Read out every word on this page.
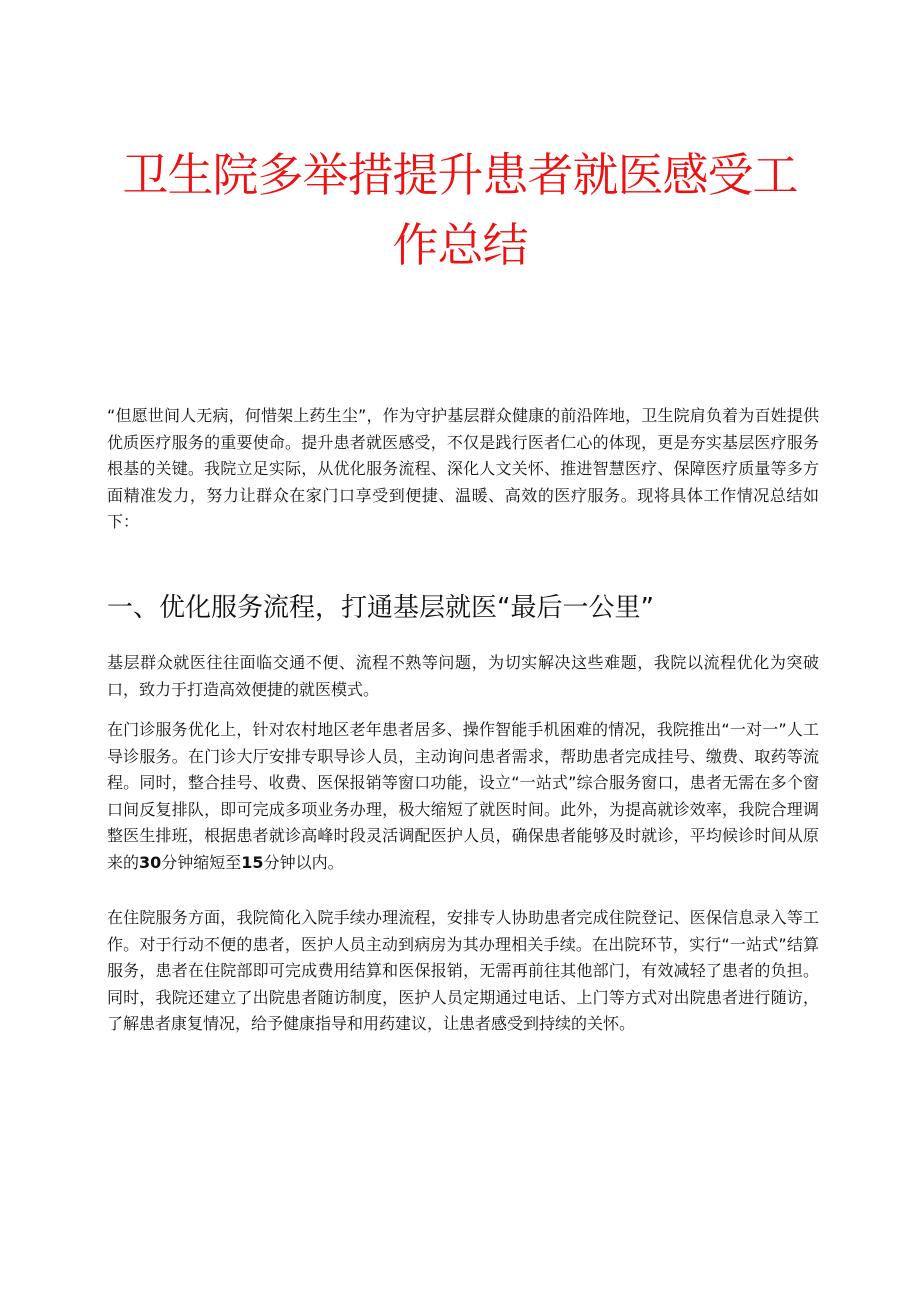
卫生院多举措提升患者就医感受工
作总结

“但愿世间人无病，何惜架上药生尘”，作为守护基层群众健康的前沿阵地，卫生院肩负着为百姓提供优质医疗服务的重要使命。提升患者就医感受，不仅是践行医者仁心的体现，更是夯实基层医疗服务根基的关键。我院立足实际，从优化服务流程、深化人文关怀、推进智慧医疗、保障医疗质量等多方面精准发力，努力让群众在家门口享受到便捷、温暖、高效的医疗服务。现将具体工作情况总结如下：

一、优化服务流程，打通基层就医“最后一公里”

基层群众就医往往面临交通不便、流程不熟等问题，为切实解决这些难题，我院以流程优化为突破口，致力于打造高效便捷的就医模式。

在门诊服务优化上，针对农村地区老年患者居多、操作智能手机困难的情况，我院推出“一对一”人工导诊服务。在门诊大厅安排专职导诊人员，主动询问患者需求，帮助患者完成挂号、缴费、取药等流程。同时，整合挂号、收费、医保报销等窗口功能，设立“一站式”综合服务窗口，患者无需在多个窗口间反复排队，即可完成多项业务办理，极大缩短了就医时间。此外，为提高就诊效率，我院合理调整医生排班，根据患者就诊高峰时段灵活调配医护人员，确保患者能够及时就诊，平均候诊时间从原来的30分钟缩短至15分钟以内。

在住院服务方面，我院简化入院手续办理流程，安排专人协助患者完成住院登记、医保信息录入等工作。对于行动不便的患者，医护人员主动到病房为其办理相关手续。在出院环节，实行“一站式”结算服务，患者在住院部即可完成费用结算和医保报销，无需再前往其他部门，有效减轻了患者的负担。同时，我院还建立了出院患者随访制度，医护人员定期通过电话、上门等方式对出院患者进行随访，了解患者康复情况，给予健康指导和用药建议，让患者感受到持续的关怀。
